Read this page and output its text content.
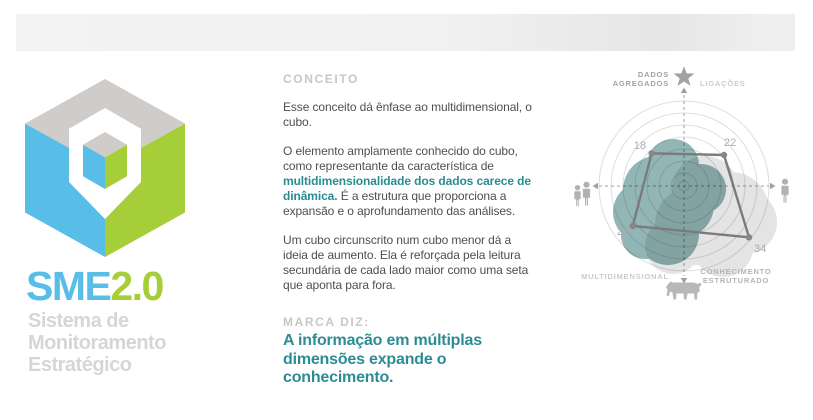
SME2.0
Sistema de
Monitoramento
Estratégico
CONCEITO

Esse conceito dá ênfase ao multidimensional, o cubo.

O elemento amplamente conhecido do cubo, como representante da característica de multidimensionalidade dos dados carece de dinâmica. É a estrutura que proporciona a expansão e o aprofundamento das análises.

Um cubo circunscrito num cubo menor dá a ideia de aumento. Ela é reforçada pela leitura secundária de cada lado maior como uma seta que aponta para fora.

MARCA DIZ:
A informação em múltiplas dimensões expande o conhecimento.
18	22
27
34
DADOS
AGREGADOS	LIGAÇÕES
MULTIDIMENSIONAL
CONHECIMENTO
ESTRUTURADO
